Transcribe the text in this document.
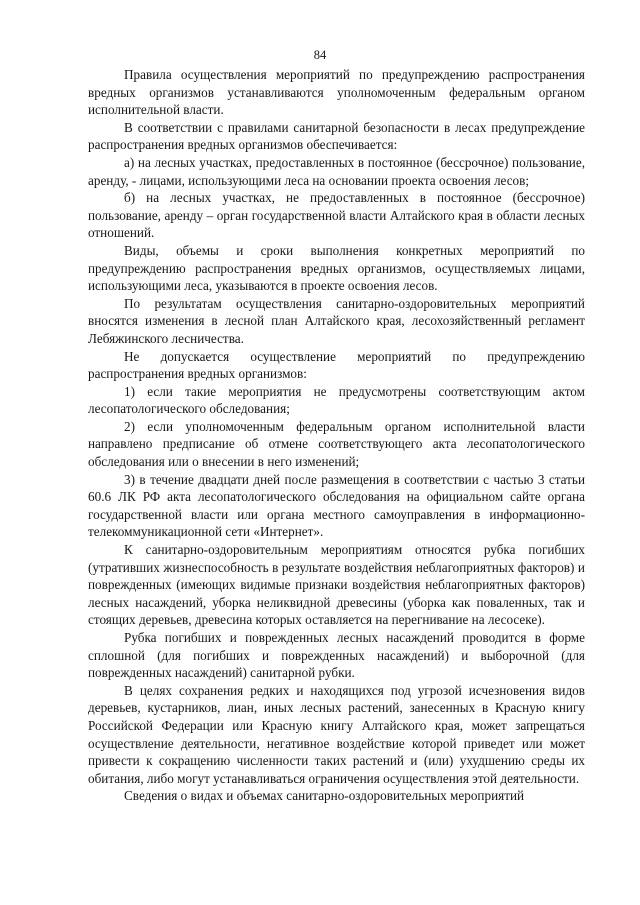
84

Правила осуществления мероприятий по предупреждению распространения вредных организмов устанавливаются уполномоченным федеральным органом исполнительной власти.

В соответствии с правилами санитарной безопасности в лесах предупреждение распространения вредных организмов обеспечивается:

а) на лесных участках, предоставленных в постоянное (бессрочное) пользование, аренду, - лицами, использующими леса на основании проекта освоения лесов;

б) на лесных участках, не предоставленных в постоянное (бессрочное) пользование, аренду – орган государственной власти Алтайского края в области лесных отношений.

Виды, объемы и сроки выполнения конкретных мероприятий по предупреждению распространения вредных организмов, осуществляемых лицами, использующими леса, указываются в проекте освоения лесов.

По результатам осуществления санитарно-оздоровительных мероприятий вносятся изменения в лесной план Алтайского края, лесохозяйственный регламент Лебяжинского лесничества.

Не допускается осуществление мероприятий по предупреждению распространения вредных организмов:

1) если такие мероприятия не предусмотрены соответствующим актом лесопатологического обследования;

2) если уполномоченным федеральным органом исполнительной власти направлено предписание об отмене соответствующего акта лесопатологического обследования или о внесении в него изменений;

3) в течение двадцати дней после размещения в соответствии с частью 3 статьи 60.6 ЛК РФ акта лесопатологического обследования на официальном сайте органа государственной власти или органа местного самоуправления в информационно-телекоммуникационной сети «Интернет».

К санитарно-оздоровительным мероприятиям относятся рубка погибших (утративших жизнеспособность в результате воздействия неблагоприятных факторов) и поврежденных (имеющих видимые признаки воздействия неблагоприятных факторов) лесных насаждений, уборка неликвидной древесины (уборка как поваленных, так и стоящих деревьев, древесина которых оставляется на перегнивание на лесосеке).

Рубка погибших и поврежденных лесных насаждений проводится в форме сплошной (для погибших и поврежденных насаждений) и выборочной (для поврежденных насаждений) санитарной рубки.

В целях сохранения редких и находящихся под угрозой исчезновения видов деревьев, кустарников, лиан, иных лесных растений, занесенных в Красную книгу Российской Федерации или Красную книгу Алтайского края, может запрещаться осуществление деятельности, негативное воздействие которой приведет или может привести к сокращению численности таких растений и (или) ухудшению среды их обитания, либо могут устанавливаться ограничения осуществления этой деятельности.

Сведения о видах и объемах санитарно-оздоровительных мероприятий
